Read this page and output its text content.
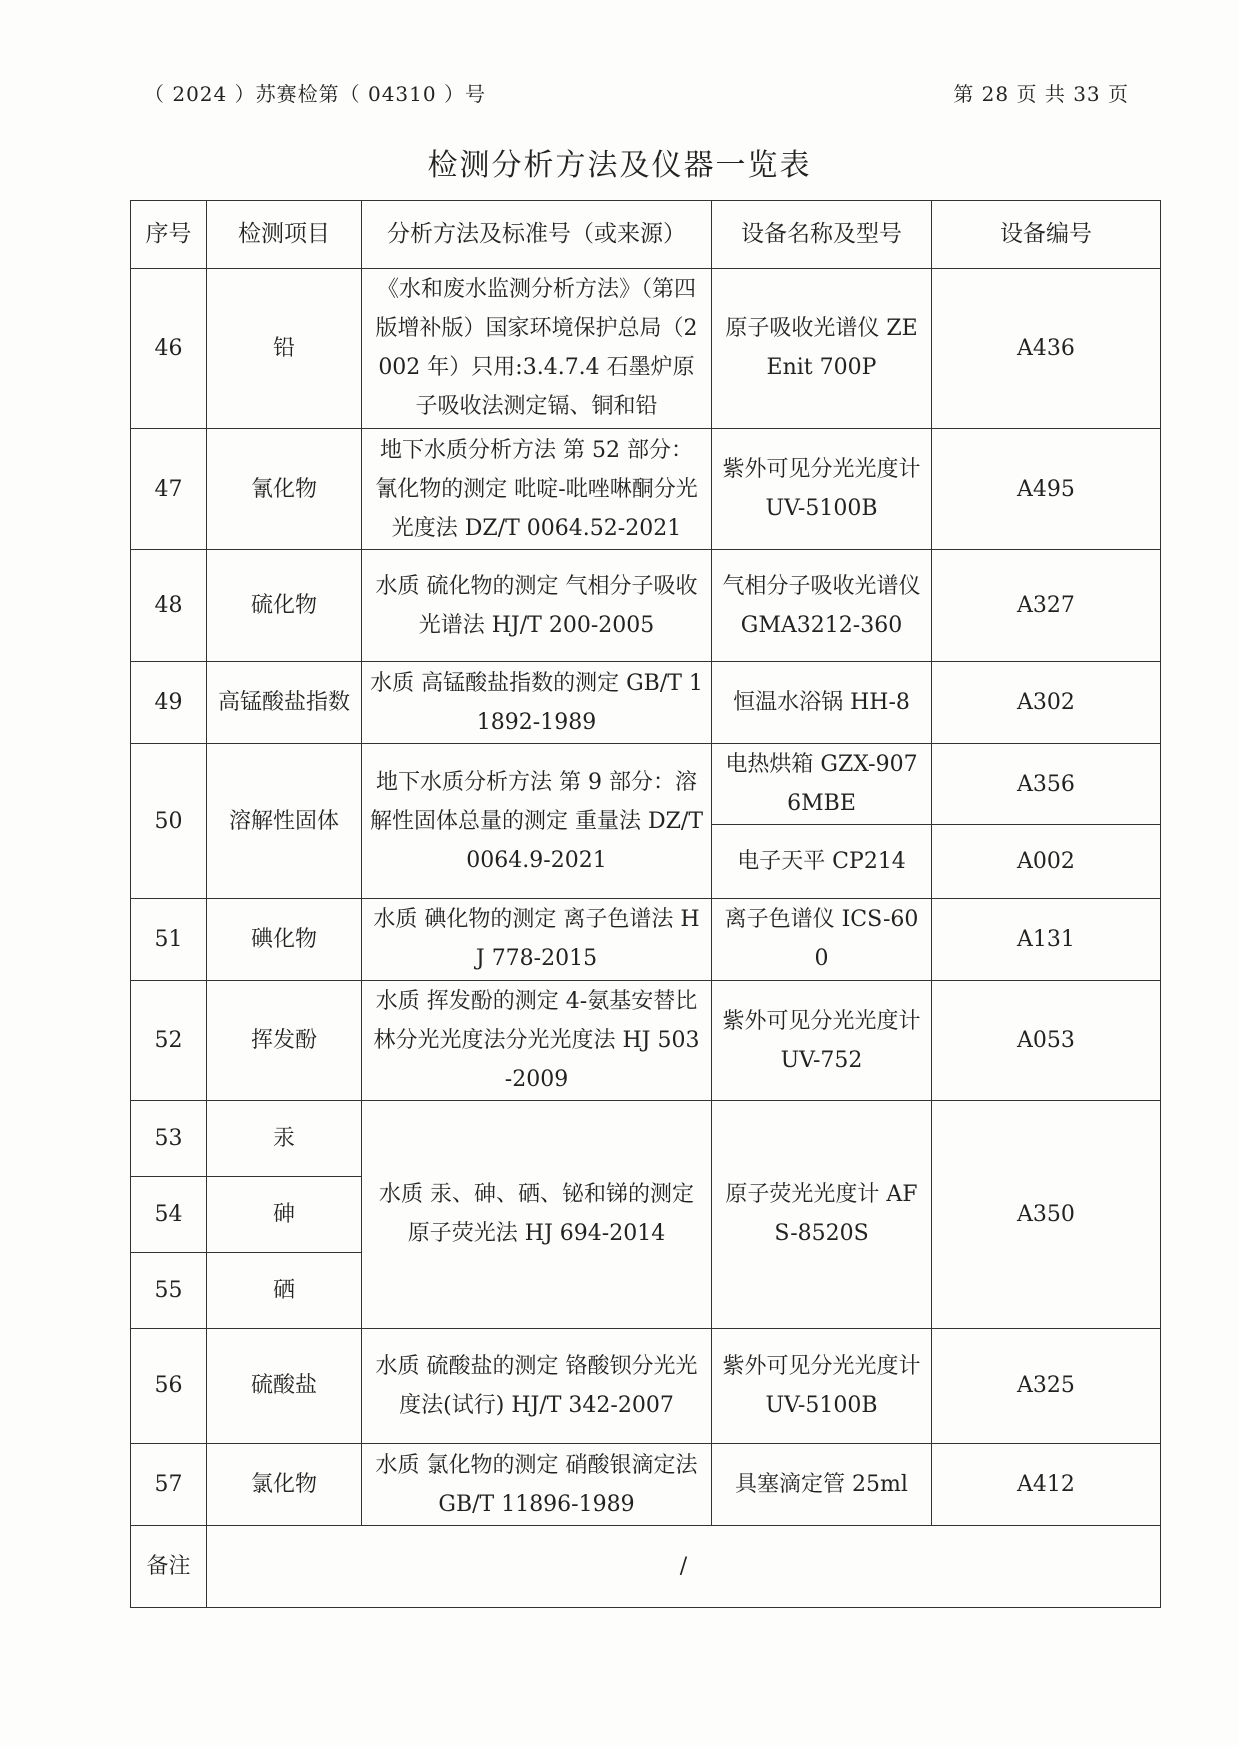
（ 2024 ）苏赛检第（ 04310 ）号	第 28 页 共 33 页
检测分析方法及仪器一览表
序号	检测项目	分析方法及标准号（或来源）	设备名称及型号	设备编号
46	铅	《水和废水监测分析方法》（第四版增补版）国家环境保护总局（2002 年）只用:3.4.7.4 石墨炉原子吸收法测定镉、铜和铅	原子吸收光谱仪 ZEEnit 700P	A436
47	氰化物	地下水质分析方法 第 52 部分：氰化物的测定 吡啶-吡唑啉酮分光光度法 DZ/T 0064.52-2021	紫外可见分光光度计 UV-5100B	A495
48	硫化物	水质 硫化物的测定 气相分子吸收光谱法 HJ/T 200-2005	气相分子吸收光谱仪 GMA3212-360	A327
49	高锰酸盐指数	水质 高锰酸盐指数的测定 GB/T 11892-1989	恒温水浴锅 HH-8	A302
50	溶解性固体	地下水质分析方法 第 9 部分：溶解性固体总量的测定 重量法 DZ/T 0064.9-2021	电热烘箱 GZX-9076MBE	A356
			电子天平 CP214	A002
51	碘化物	水质 碘化物的测定 离子色谱法 HJ 778-2015	离子色谱仪 ICS-600	A131
52	挥发酚	水质 挥发酚的测定 4-氨基安替比林分光光度法分光光度法 HJ 503-2009	紫外可见分光光度计 UV-752	A053
53	汞	水质 汞、砷、硒、铋和锑的测定 原子荧光法 HJ 694-2014	原子荧光光度计 AFS-8520S	A350
54	砷			
55	硒			
56	硫酸盐	水质 硫酸盐的测定 铬酸钡分光光度法(试行) HJ/T 342-2007	紫外可见分光光度计 UV-5100B	A325
57	氯化物	水质 氯化物的测定 硝酸银滴定法 GB/T 11896-1989	具塞滴定管 25ml	A412
备注	/			
